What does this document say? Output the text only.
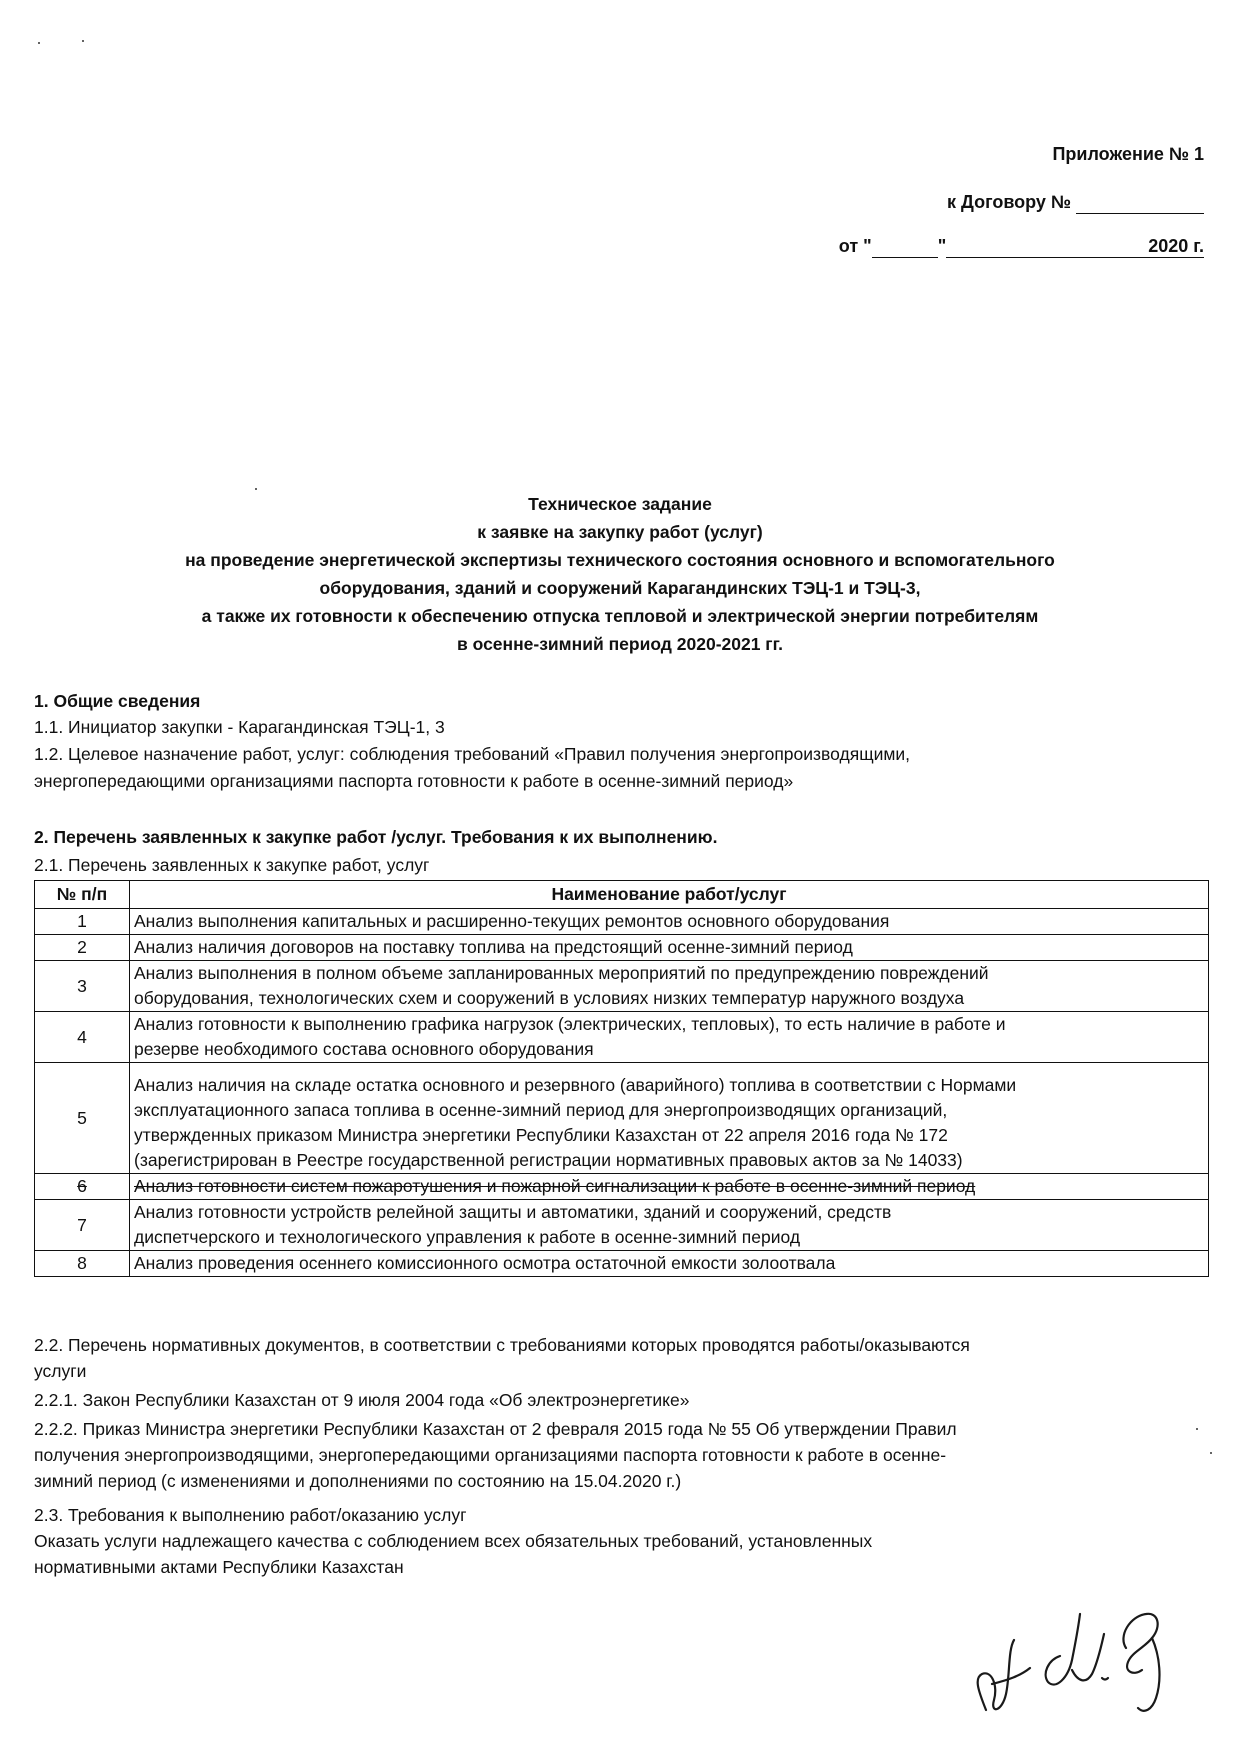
Приложение № 1
к Договору №
от "	"	2020 г.
Техническое задание
к заявке на закупку работ (услуг)
на проведение энергетической экспертизы технического состояния основного и вспомогательного
оборудования, зданий и сооружений Карагандинских ТЭЦ-1 и ТЭЦ-3,
а также их готовности к обеспечению отпуска тепловой и электрической энергии потребителям
в осенне-зимний период 2020-2021 гг.
1. Общие сведения
1.1. Инициатор закупки - Карагандинская ТЭЦ-1, 3
1.2. Целевое назначение работ, услуг: соблюдения требований «Правил получения энергопроизводящими,
энергопередающими организациями паспорта готовности к работе в осенне-зимний период»
2. Перечень заявленных к закупке работ /услуг. Требования к их выполнению.
2.1. Перечень заявленных к закупке работ, услуг
№ п/п	Наименование работ/услуг
1	Анализ выполнения капитальных и расширенно-текущих ремонтов основного оборудования

2	Анализ наличия договоров на поставку топлива на предстоящий осенне-зимний период

3	Анализ выполнения в полном объеме запланированных мероприятий по предупреждению повреждений
оборудования, технологических схем и сооружений в условиях низких температур наружного воздуха

4	Анализ готовности к выполнению графика нагрузок (электрических, тепловых), то есть наличие в работе и
резерве необходимого состава основного оборудования

5	Анализ наличия на складе остатка основного и резервного (аварийного) топлива в соответствии с Нормами
эксплуатационного запаса топлива в осенне-зимний период для энергопроизводящих организаций,
утвержденных приказом Министра энергетики Республики Казахстан от 22 апреля 2016 года № 172
(зарегистрирован в Реестре государственной регистрации нормативных правовых актов за № 14033)

6	Анализ готовности систем пожаротушения и пожарной сигнализации к работе в осенне-зимний период

7	Анализ готовности устройств релейной защиты и автоматики, зданий и сооружений, средств
диспетчерского и технологического управления к работе в осенне-зимний период

8	Анализ проведения осеннего комиссионного осмотра остаточной емкости золоотвала
2.2. Перечень нормативных документов, в соответствии с требованиями которых проводятся работы/оказываются
услуги
2.2.1. Закон Республики Казахстан от 9 июля 2004 года «Об электроэнергетике»
2.2.2. Приказ Министра энергетики Республики Казахстан от 2 февраля 2015 года № 55 Об утверждении Правил
получения энергопроизводящими, энергопередающими организациями паспорта готовности к работе в осенне-
зимний период (с изменениями и дополнениями по состоянию на 15.04.2020 г.)
2.3. Требования к выполнению работ/оказанию услуг
Оказать услуги надлежащего качества с соблюдением всех обязательных требований, установленных
нормативными актами Республики Казахстан
